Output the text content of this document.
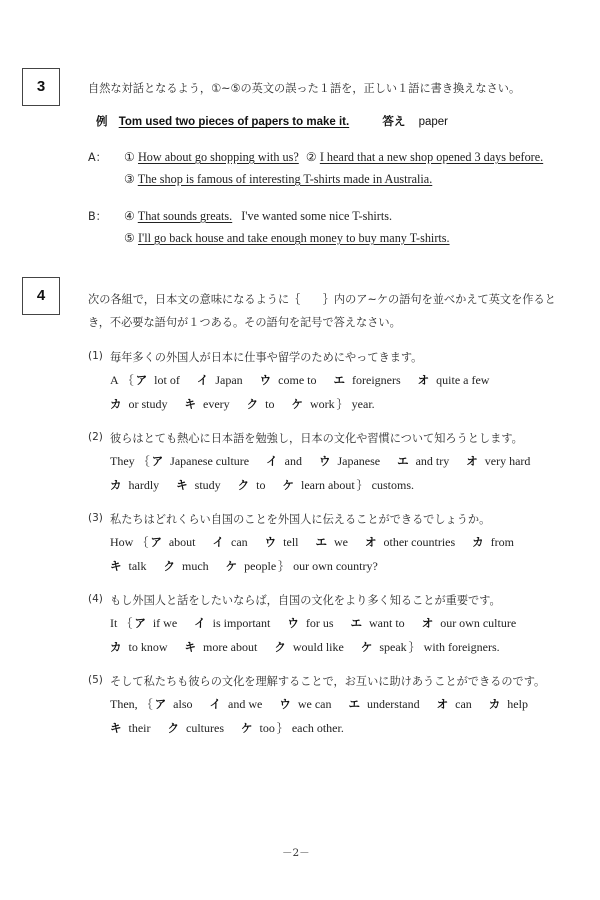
3	自然な対話となるよう，①~⑤の英文の誤った１語を，正しい１語に書き換えなさい。
例 Tom used two pieces of papers to make it.	答え paper
A： ① How about go shopping with us? ② I heard that a new shop opened 3 days before.
③ The shop is famous of interesting T-shirts made in Australia.
B： ④ That sounds greats. I've wanted some nice T-shirts.
⑤ I'll go back house and take enough money to buy many T-shirts.
4	次の各組で，日本文の意味になるように｛　　｝内のア~ケの語句を並べかえて英文を作ると
き，不必要な語句が１つある。その語句を記号で答えなさい。
(1) 毎年多くの外国人が日本に仕事や留学のためにやってきます。
A ｛ ア lot of イ Japan ウ come to エ foreigners オ quite a few
カ or study キ every ク to ケ work ｝ year.
(2) 彼らはとても熱心に日本語を勉強し，日本の文化や習慣について知ろうとします。
They ｛ ア Japanese culture イ and ウ Japanese エ and try オ very hard
カ hardly キ study ク to ケ learn about ｝ customs.
(3) 私たちはどれくらい自国のことを外国人に伝えることができるでしょうか。
How ｛ ア about イ can ウ tell エ we オ other countries カ from
キ talk ク much ケ people ｝ our own country?
(4) もし外国人と話をしたいならば，自国の文化をより多く知ることが重要です。
It ｛ ア if we イ is important ウ for us エ want to オ our own culture
カ to know キ more about ク would like ケ speak ｝ with foreigners.
(5) そして私たちも彼らの文化を理解することで，お互いに助けあうことができるのです。
Then, ｛ ア also イ and we ウ we can エ understand オ can カ help
キ their ク cultures ケ too ｝ each other.
－2－
